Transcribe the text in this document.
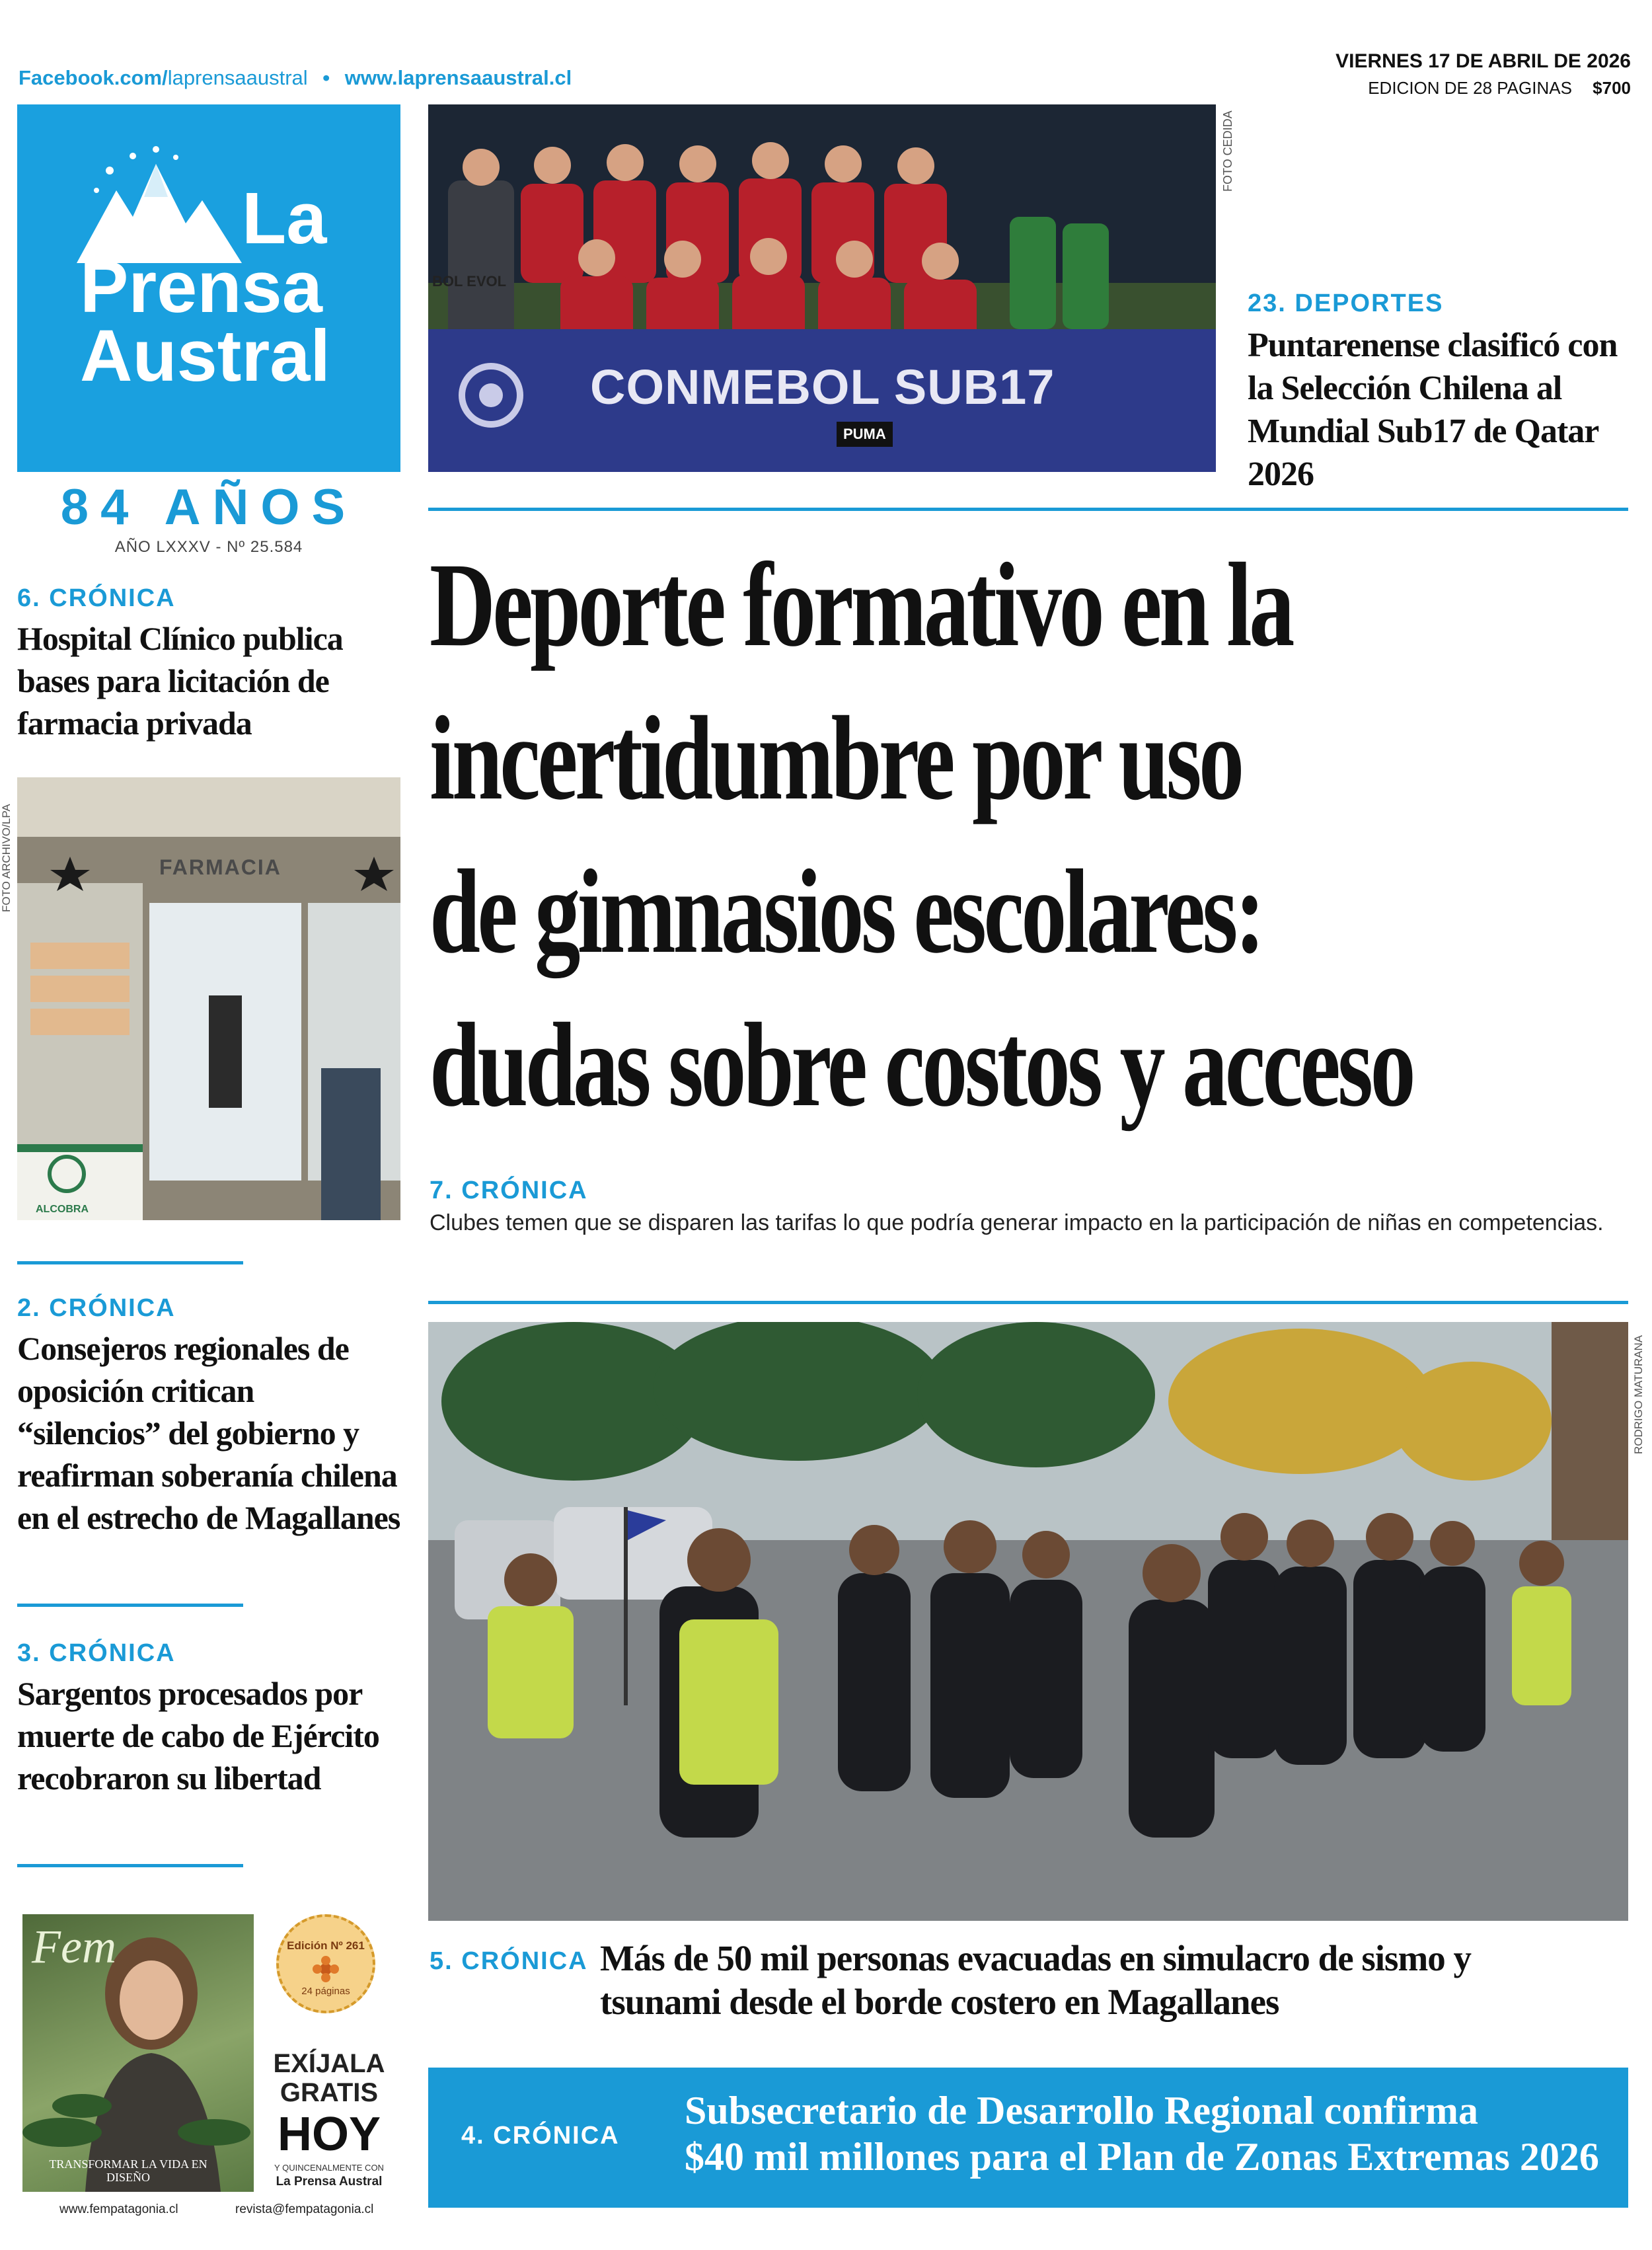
Facebook.com/laprensaaustral • www.laprensaaustral.cl
VIERNES 17 DE ABRIL DE 2026
EDICION DE 28 PAGINAS $700
La
Prensa
Austral
84 AÑOS
AÑO LXXXV - Nº 25.584
BOL EVOL
CONMEBOL SUB17
PUMA
FOTO CEDIDA
23. DEPORTES
Puntarenense clasificó con la Selección Chilena al Mundial Sub17 de Qatar 2026
Deporte formativo en la
incertidumbre por uso
de gimnasios escolares:
dudas sobre costos y acceso
7. CRÓNICA
Clubes temen que se disparen las tarifas lo que podría generar impacto en la participación de niñas en competencias.
6. CRÓNICA
Hospital Clínico publica bases para licitación de farmacia privada
FARMACIA
ALCOBRA
FOTO ARCHIVO/LPA
2. CRÓNICA
Consejeros regionales de oposición critican “silencios” del gobierno y reafirman soberanía chilena en el estrecho de Magallanes
3. CRÓNICA
Sargentos procesados por muerte de cabo de Ejército recobraron su libertad
Fem
TRANSFORMAR LA VIDA EN DISEÑO
Edición Nº 261
24 páginas
EXÍJALA
GRATIS
HOY
Y QUINCENALMENTE CON
La Prensa Austral
www.fempatagonia.cl	revista@fempatagonia.cl
RODRIGO MATURANA
5. CRÓNICA Más de 50 mil personas evacuadas en simulacro de sismo y tsunami desde el borde costero en Magallanes
4. CRÓNICA
Subsecretario de Desarrollo Regional confirma
$40 mil millones para el Plan de Zonas Extremas 2026
